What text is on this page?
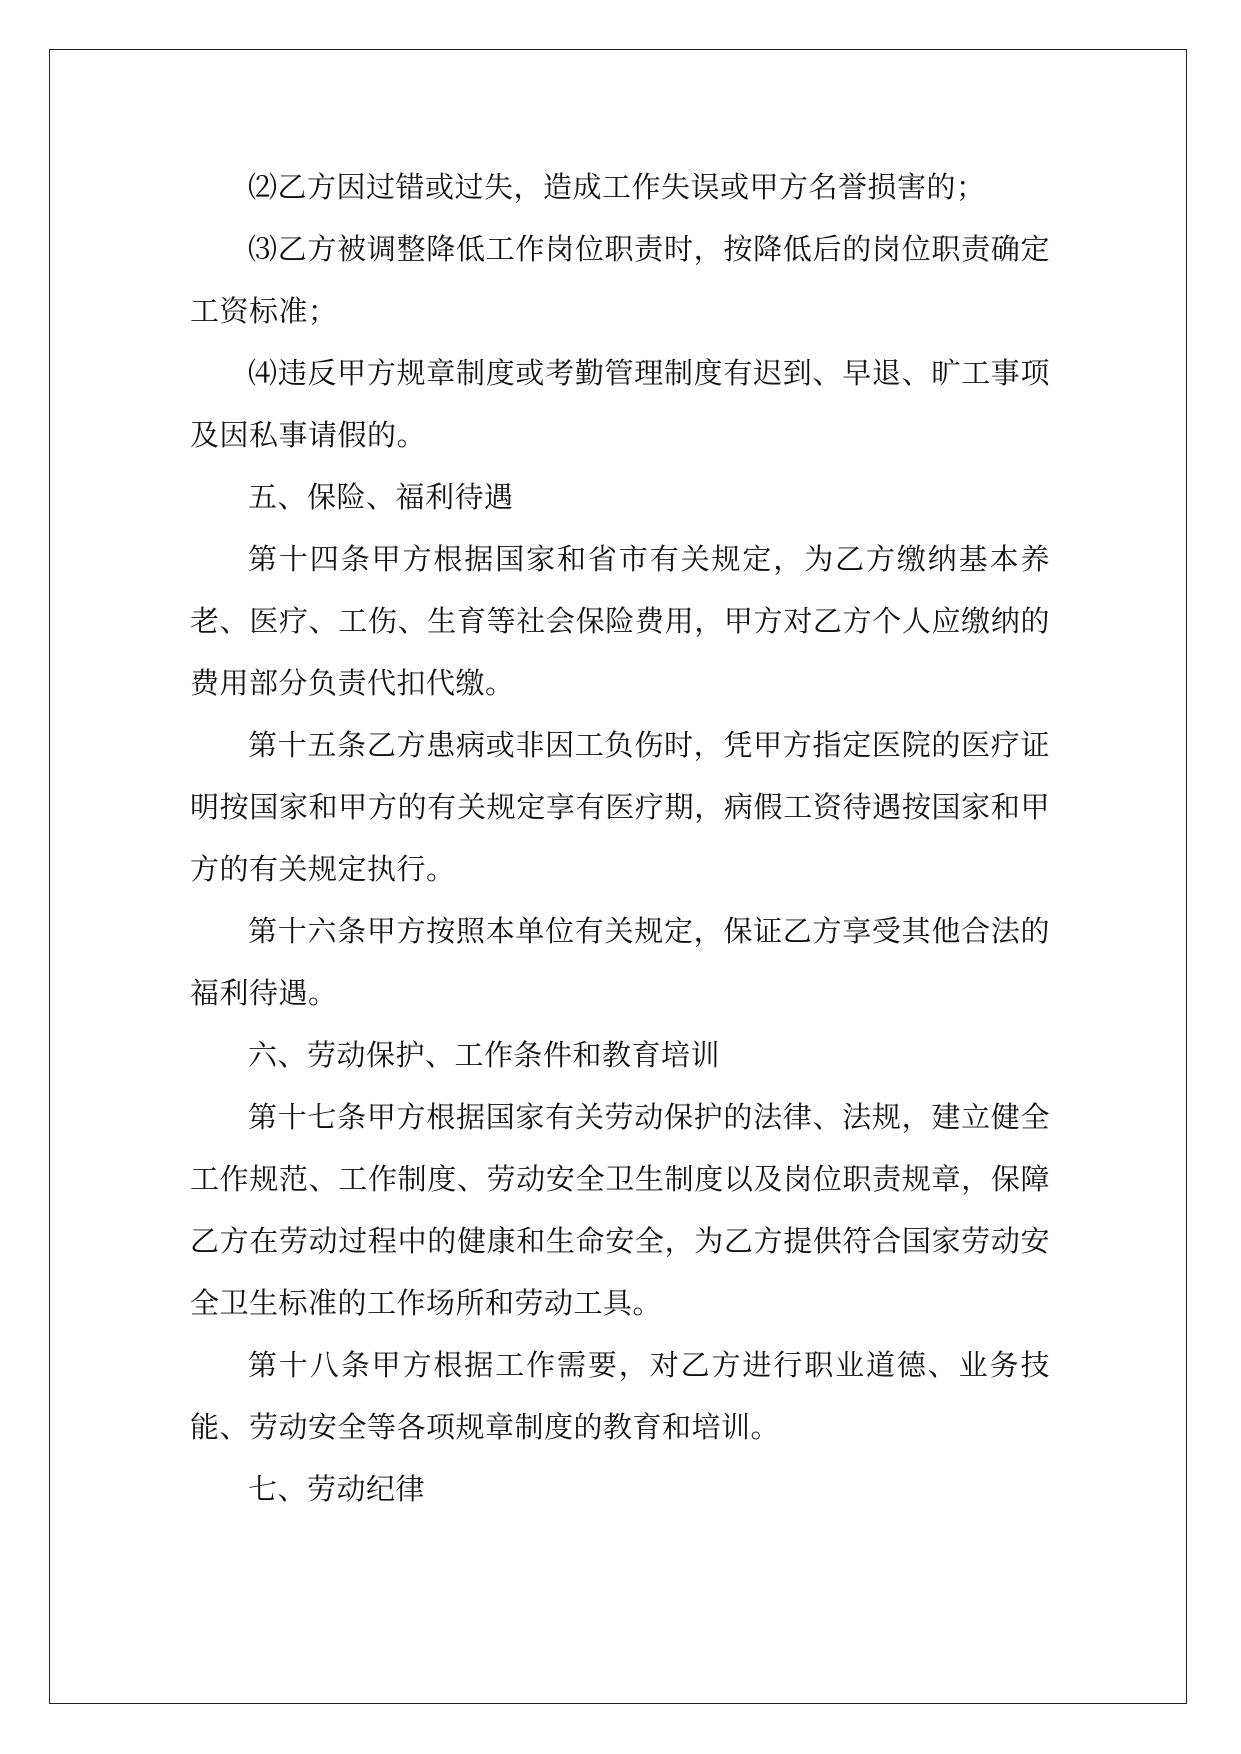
⑵乙方因过错或过失，造成工作失误或甲方名誉损害的；

⑶乙方被调整降低工作岗位职责时，按降低后的岗位职责确定工资标准；

⑷违反甲方规章制度或考勤管理制度有迟到、早退、旷工事项及因私事请假的。

五、保险、福利待遇

第十四条甲方根据国家和省市有关规定，为乙方缴纳基本养老、医疗、工伤、生育等社会保险费用，甲方对乙方个人应缴纳的费用部分负责代扣代缴。

第十五条乙方患病或非因工负伤时，凭甲方指定医院的医疗证明按国家和甲方的有关规定享有医疗期，病假工资待遇按国家和甲方的有关规定执行。

第十六条甲方按照本单位有关规定，保证乙方享受其他合法的福利待遇。

六、劳动保护、工作条件和教育培训

第十七条甲方根据国家有关劳动保护的法律、法规，建立健全工作规范、工作制度、劳动安全卫生制度以及岗位职责规章，保障乙方在劳动过程中的健康和生命安全，为乙方提供符合国家劳动安全卫生标准的工作场所和劳动工具。

第十八条甲方根据工作需要，对乙方进行职业道德、业务技能、劳动安全等各项规章制度的教育和培训。

七、劳动纪律
